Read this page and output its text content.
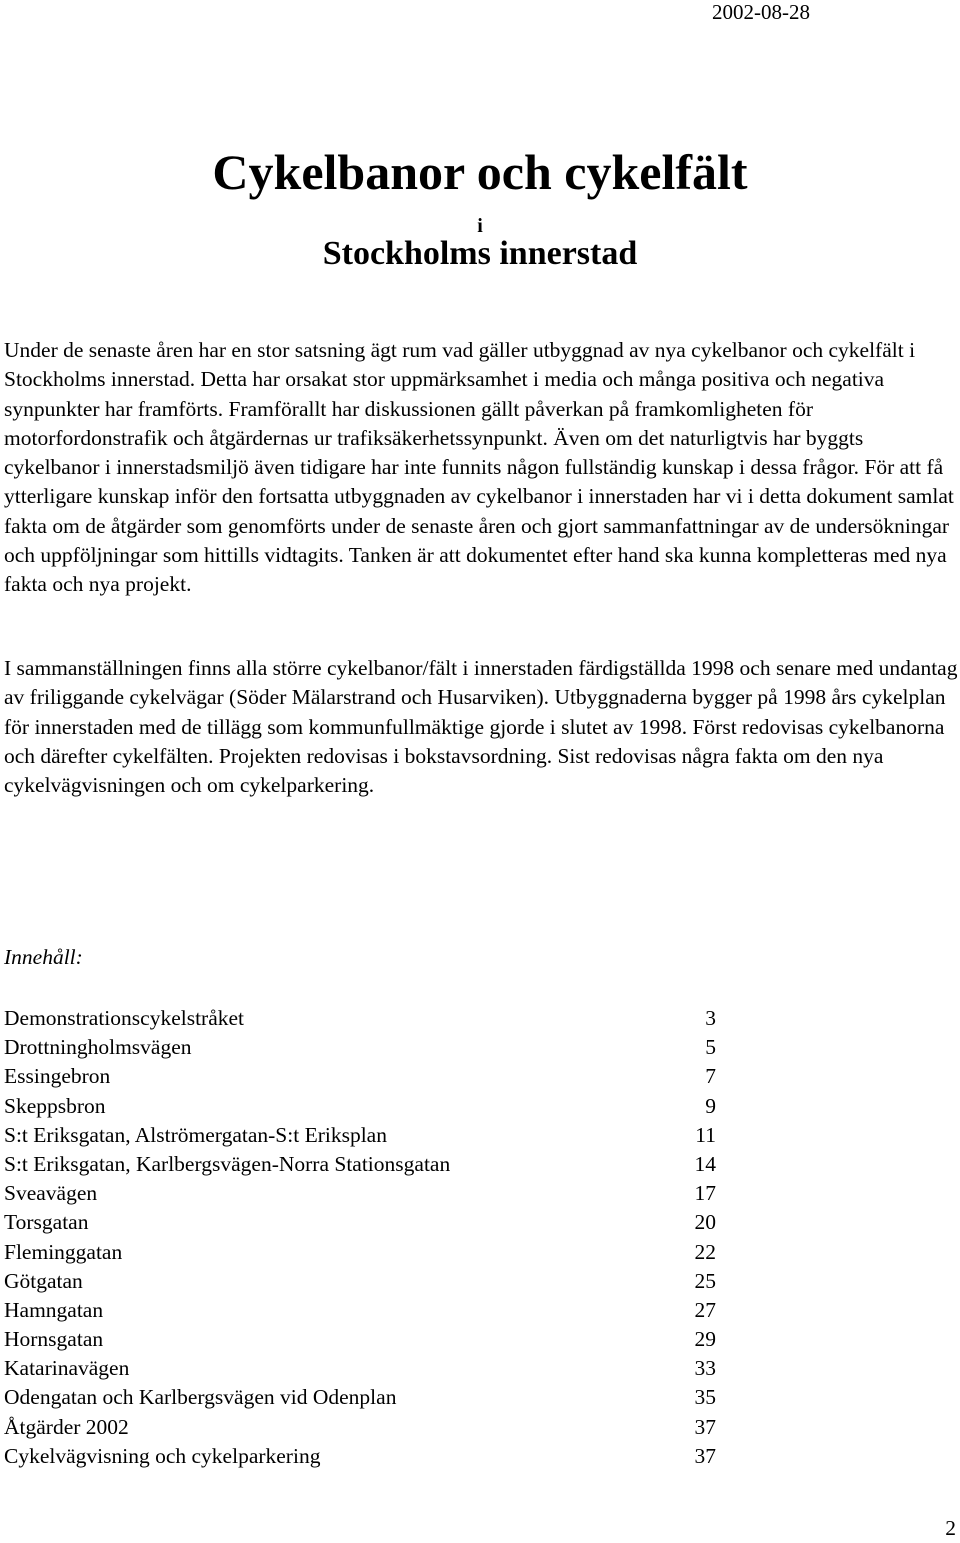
2002-08-28
Cykelbanor och cykelfält
i
Stockholms innerstad

Under de senaste åren har en stor satsning ägt rum vad gäller utbyggnad av nya cykelbanor och cykelfält i Stockholms innerstad. Detta har orsakat stor uppmärksamhet i media och många positiva och negativa synpunkter har framförts. Framförallt har diskussionen gällt påverkan på framkomligheten för motorfordonstrafik och åtgärdernas ur trafiksäkerhetssynpunkt. Även om det naturligtvis har byggts cykelbanor i innerstadsmiljö även tidigare har inte funnits någon fullständig kunskap i dessa frågor. För att få ytterligare kunskap inför den fortsatta utbyggnaden av cykelbanor i innerstaden har vi i detta dokument samlat fakta om de åtgärder som genomförts under de senaste åren och gjort sammanfattningar av de undersökningar och uppföljningar som hittills vidtagits. Tanken är att dokumentet efter hand ska kunna kompletteras med nya fakta och nya projekt.

I sammanställningen finns alla större cykelbanor/fält i innerstaden färdigställda 1998 och senare med undantag av friliggande cykelvägar (Söder Mälarstrand och Husarviken). Utbyggnaderna bygger på 1998 års cykelplan för innerstaden med de tillägg som kommunfullmäktige gjorde i slutet av 1998. Först redovisas cykelbanorna och därefter cykelfälten. Projekten redovisas i bokstavsordning. Sist redovisas några fakta om den nya cykelvägvisningen och om cykelparkering.

Innehåll:
Demonstrationscykelstråket	3
Drottningholmsvägen	5
Essingebron	7
Skeppsbron	9
S:t Eriksgatan, Alströmergatan-S:t Eriksplan	11
S:t Eriksgatan, Karlbergsvägen-Norra Stationsgatan	14
Sveavägen	17
Torsgatan	20
Fleminggatan	22
Götgatan	25
Hamngatan	27
Hornsgatan	29
Katarinavägen	33
Odengatan och Karlbergsvägen vid Odenplan	35
Åtgärder 2002	37
Cykelvägvisning och cykelparkering	37
2
